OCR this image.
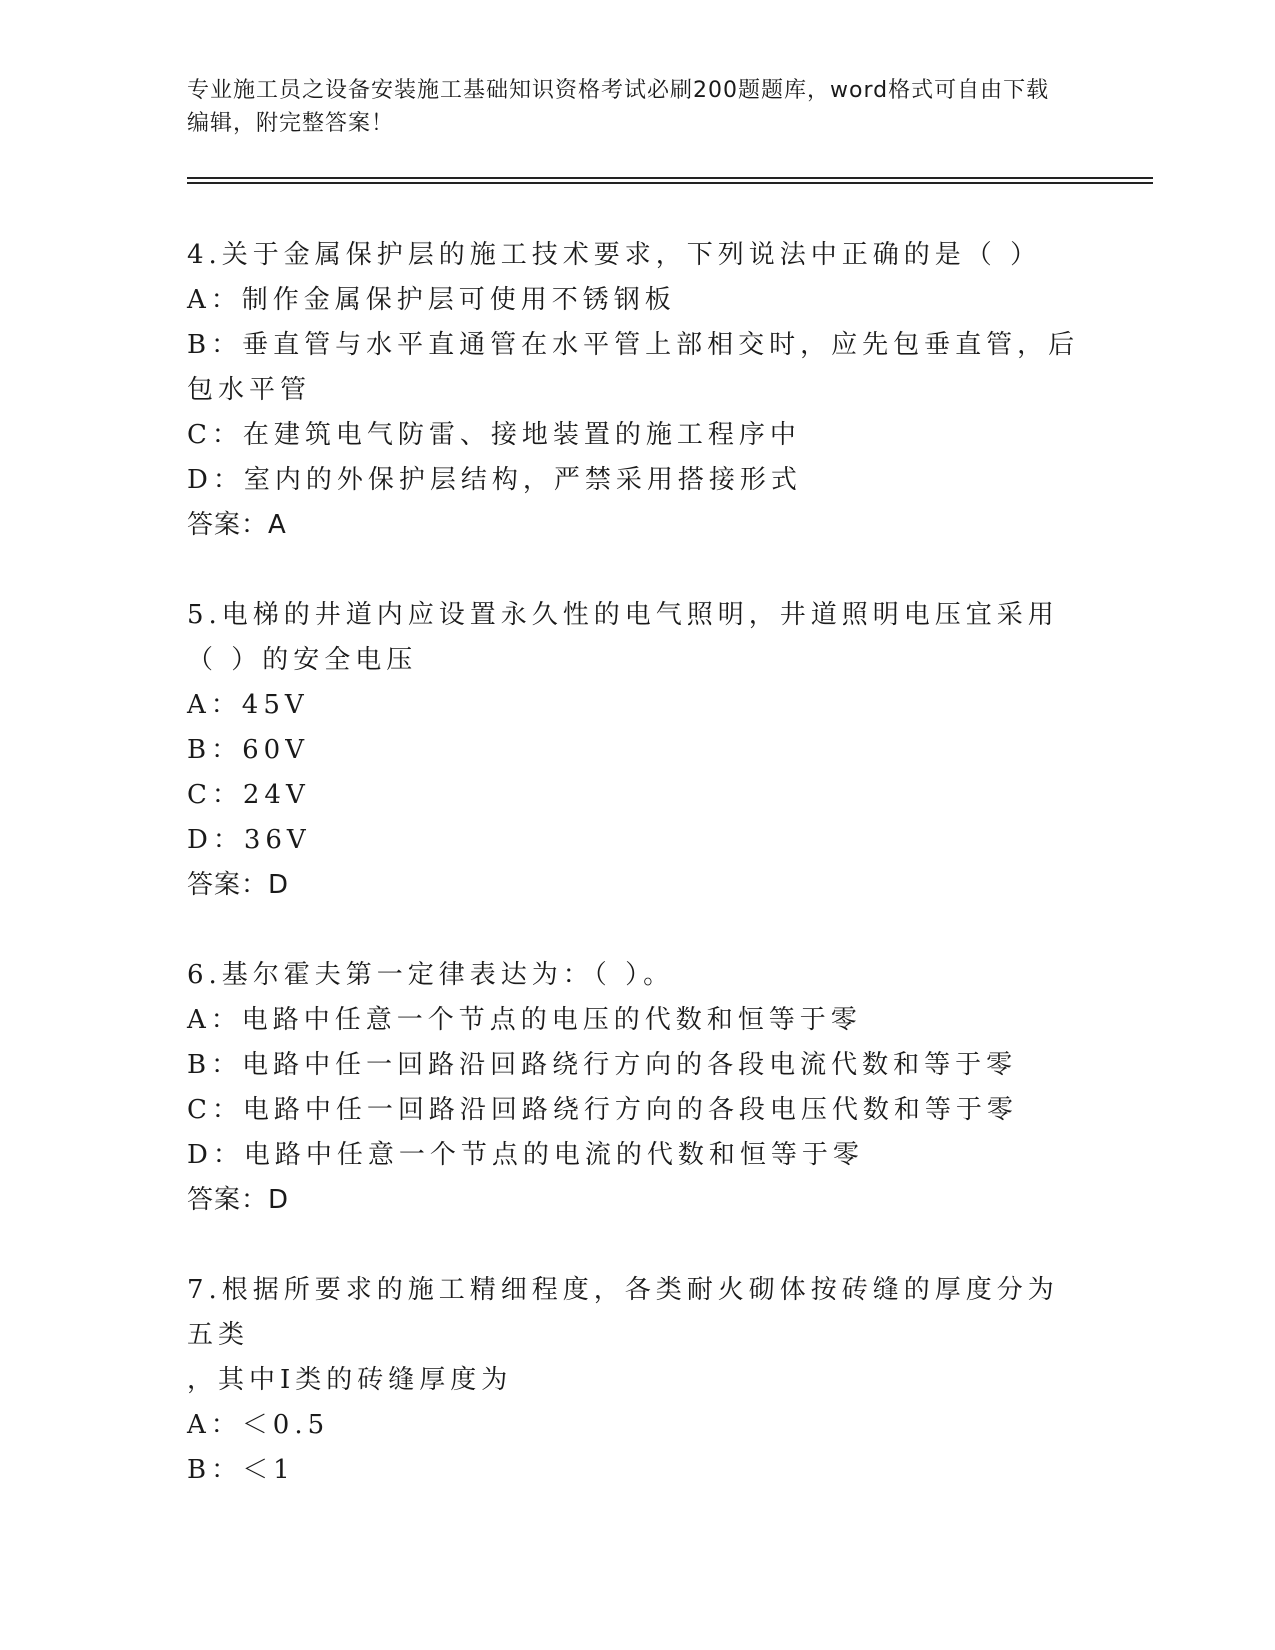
专业施工员之设备安装施工基础知识资格考试必刷200题题库，word格式可自由下载编辑，附完整答案！
4.关于金属保护层的施工技术要求，下列说法中正确的是（ ）
A：制作金属保护层可使用不锈钢板
B：垂直管与水平直通管在水平管上部相交时，应先包垂直管，后包水平管
C：在建筑电气防雷、接地装置的施工程序中
D：室内的外保护层结构，严禁采用搭接形式
答案：A
5.电梯的井道内应设置永久性的电气照明，井道照明电压宜采用（ ）的安全电压
A：45V
B：60V
C：24V
D：36V
答案：D
6.基尔霍夫第一定律表达为：（ ）。
A：电路中任意一个节点的电压的代数和恒等于零
B：电路中任一回路沿回路绕行方向的各段电流代数和等于零
C：电路中任一回路沿回路绕行方向的各段电压代数和等于零
D：电路中任意一个节点的电流的代数和恒等于零
答案：D
7.根据所要求的施工精细程度，各类耐火砌体按砖缝的厚度分为五类
，其中Ⅰ类的砖缝厚度为
A：＜0.5
B：＜1
